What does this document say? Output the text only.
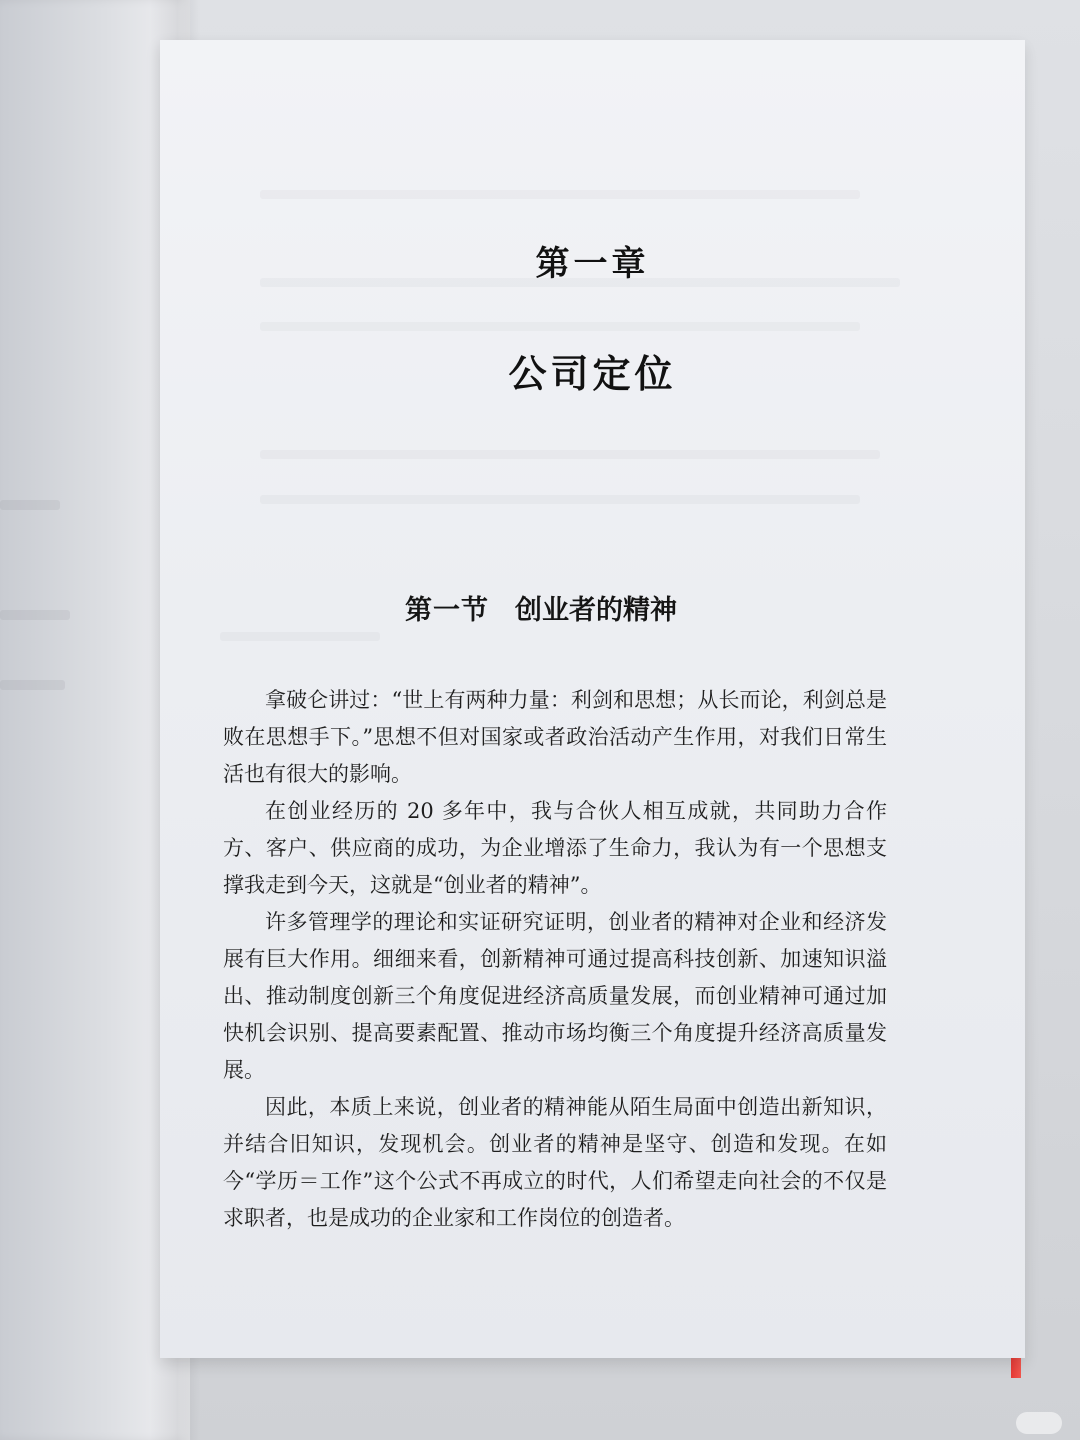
第一章
公司定位
第一节 创业者的精神

拿破仑讲过：“世上有两种力量：利剑和思想；从长而论，利剑总是败在思想手下。”思想不但对国家或者政治活动产生作用，对我们日常生活也有很大的影响。

在创业经历的 20 多年中，我与合伙人相互成就，共同助力合作方、客户、供应商的成功，为企业增添了生命力，我认为有一个思想支撑我走到今天，这就是“创业者的精神”。

许多管理学的理论和实证研究证明，创业者的精神对企业和经济发展有巨大作用。细细来看，创新精神可通过提高科技创新、加速知识溢出、推动制度创新三个角度促进经济高质量发展，而创业精神可通过加快机会识别、提高要素配置、推动市场均衡三个角度提升经济高质量发展。

因此，本质上来说，创业者的精神能从陌生局面中创造出新知识，并结合旧知识，发现机会。创业者的精神是坚守、创造和发现。在如今“学历＝工作”这个公式不再成立的时代，人们希望走向社会的不仅是求职者，也是成功的企业家和工作岗位的创造者。
